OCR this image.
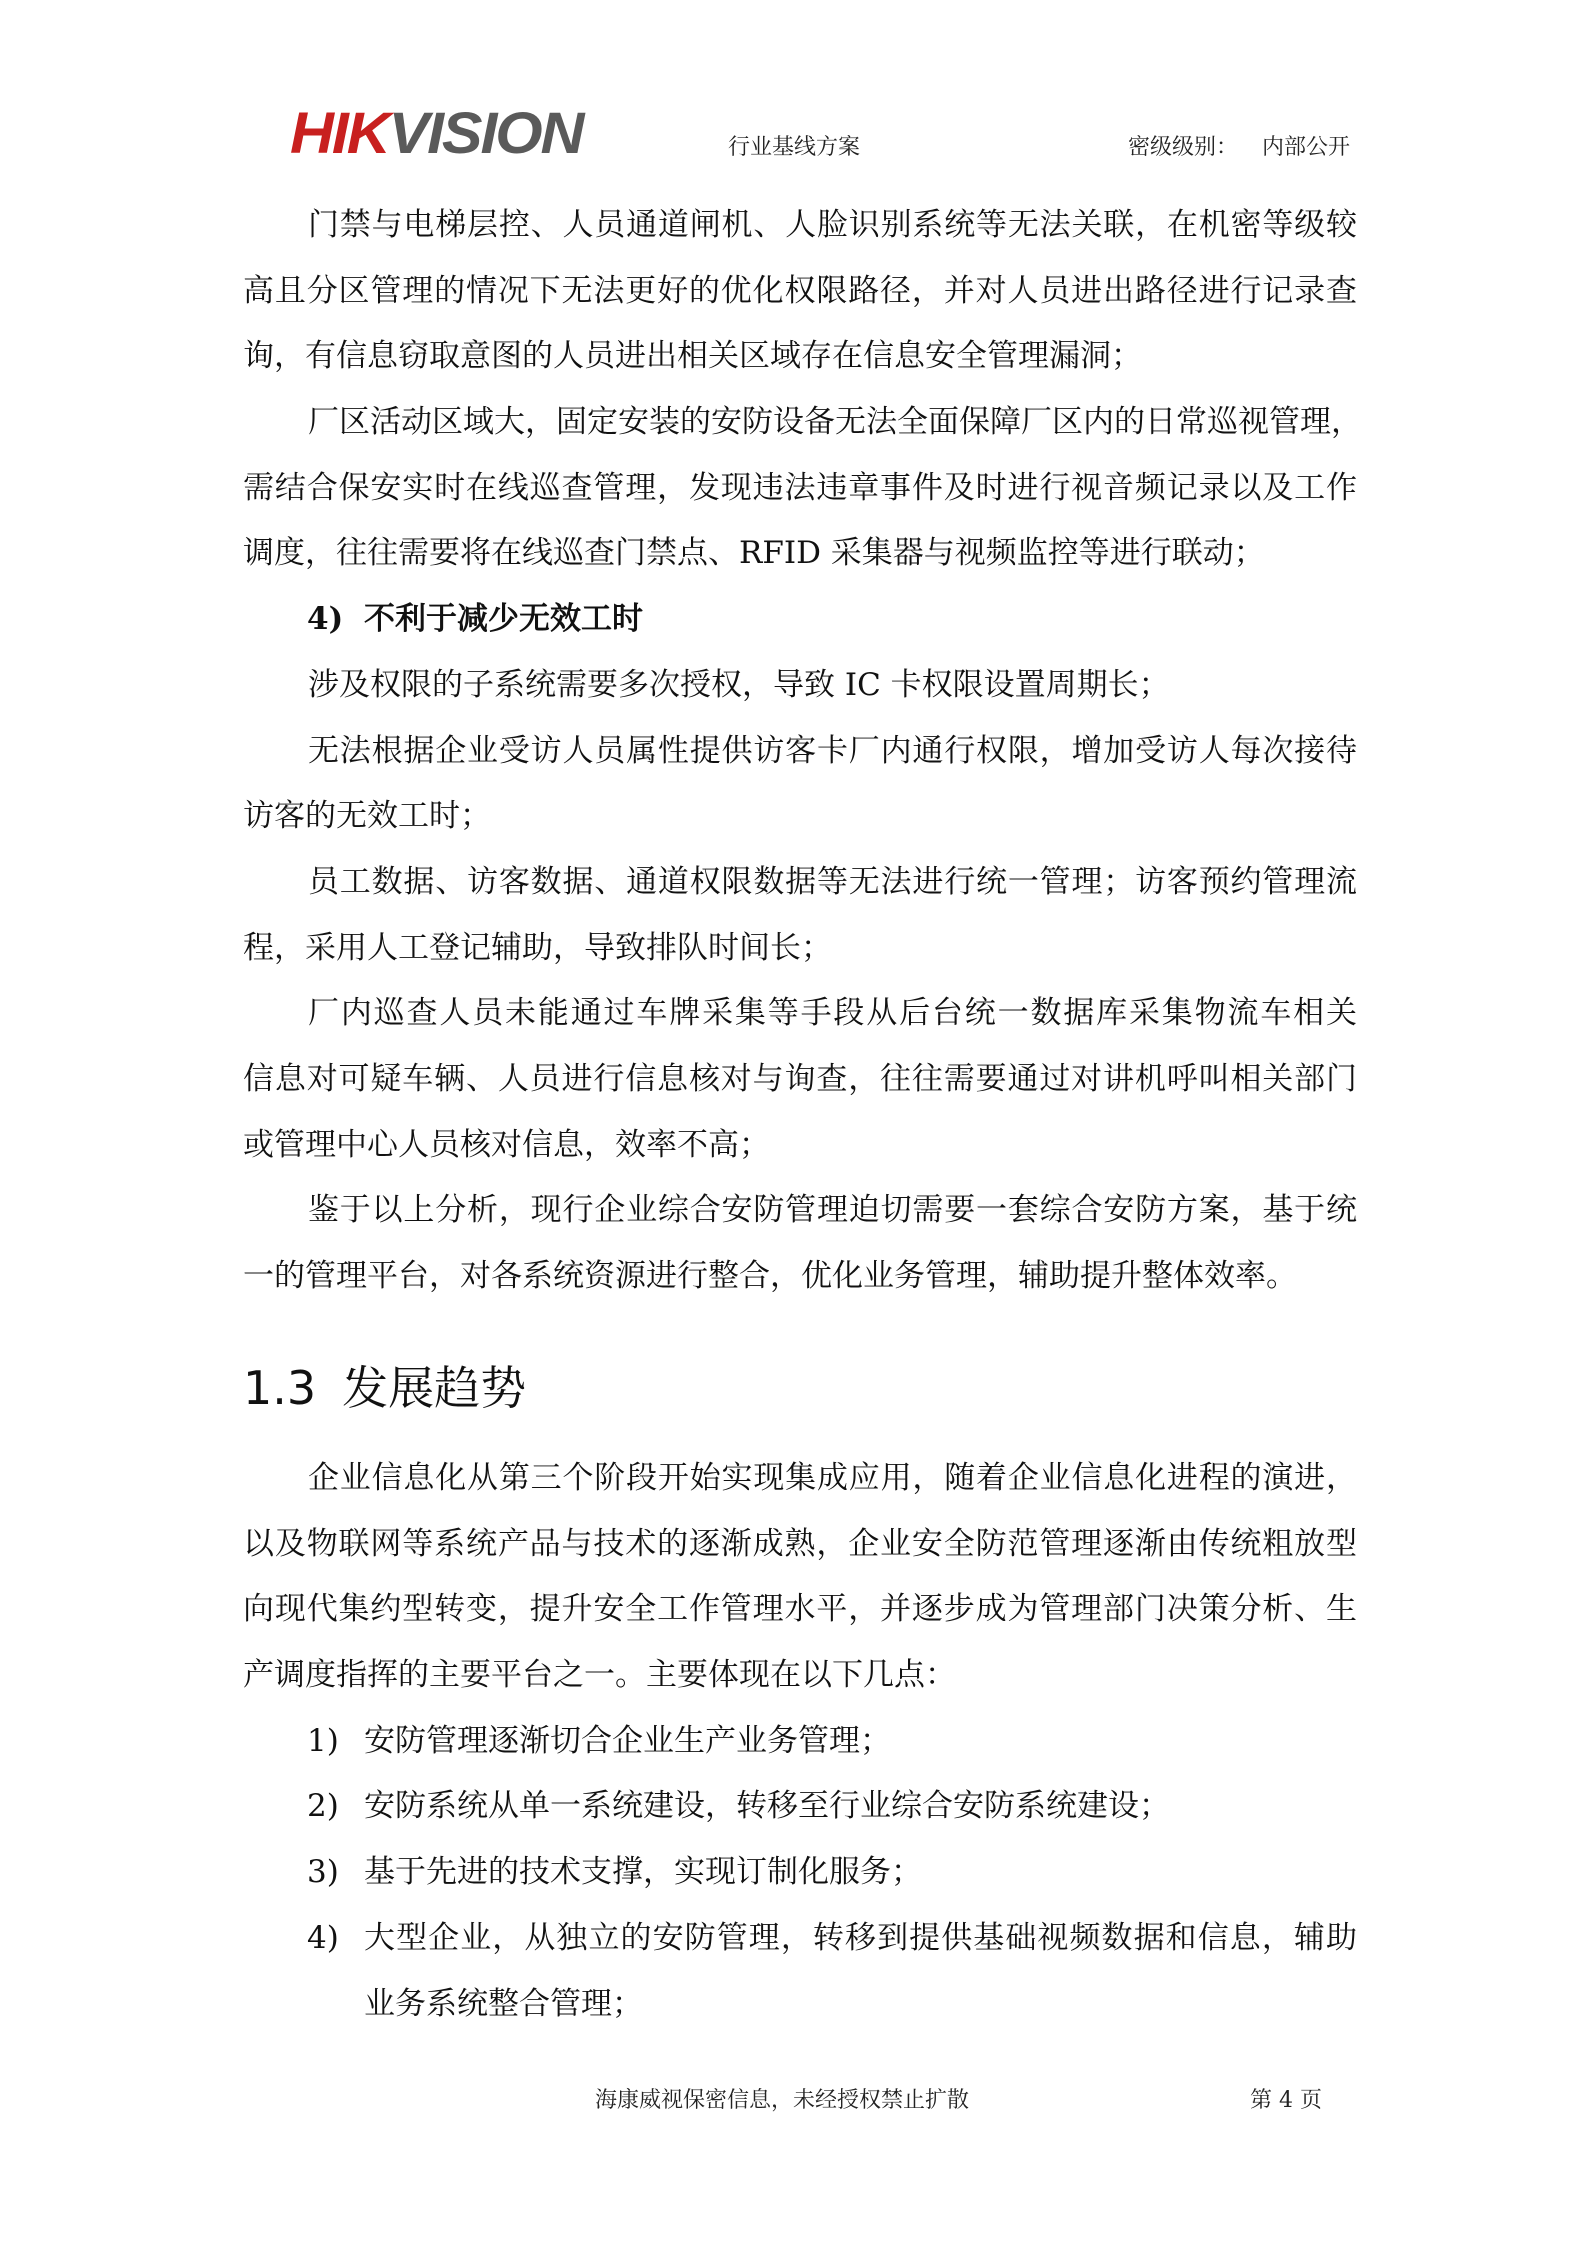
HIKVISION	行业基线方案	密级级别： 内部公开
门禁与电梯层控、人员通道闸机、人脸识别系统等无法关联，在机密等级较
高且分区管理的情况下无法更好的优化权限路径，并对人员进出路径进行记录查
询，有信息窃取意图的人员进出相关区域存在信息安全管理漏洞；
厂区活动区域大，固定安装的安防设备无法全面保障厂区内的日常巡视管理，
需结合保安实时在线巡查管理，发现违法违章事件及时进行视音频记录以及工作
调度，往往需要将在线巡查门禁点、RFID 采集器与视频监控等进行联动；
4) 不利于减少无效工时
涉及权限的子系统需要多次授权，导致 IC 卡权限设置周期长；
无法根据企业受访人员属性提供访客卡厂内通行权限，增加受访人每次接待
访客的无效工时；
员工数据、访客数据、通道权限数据等无法进行统一管理；访客预约管理流
程，采用人工登记辅助，导致排队时间长；
厂内巡查人员未能通过车牌采集等手段从后台统一数据库采集物流车相关
信息对可疑车辆、人员进行信息核对与询查，往往需要通过对讲机呼叫相关部门
或管理中心人员核对信息，效率不高；
鉴于以上分析，现行企业综合安防管理迫切需要一套综合安防方案，基于统
一的管理平台，对各系统资源进行整合，优化业务管理，辅助提升整体效率。
1.3 发展趋势
企业信息化从第三个阶段开始实现集成应用，随着企业信息化进程的演进，
以及物联网等系统产品与技术的逐渐成熟，企业安全防范管理逐渐由传统粗放型
向现代集约型转变，提升安全工作管理水平，并逐步成为管理部门决策分析、生
产调度指挥的主要平台之一。主要体现在以下几点：
1) 安防管理逐渐切合企业生产业务管理；
2) 安防系统从单一系统建设，转移至行业综合安防系统建设；
3) 基于先进的技术支撑，实现订制化服务；
4) 大型企业，从独立的安防管理，转移到提供基础视频数据和信息，辅助
业务系统整合管理；
海康威视保密信息，未经授权禁止扩散	第 4 页
